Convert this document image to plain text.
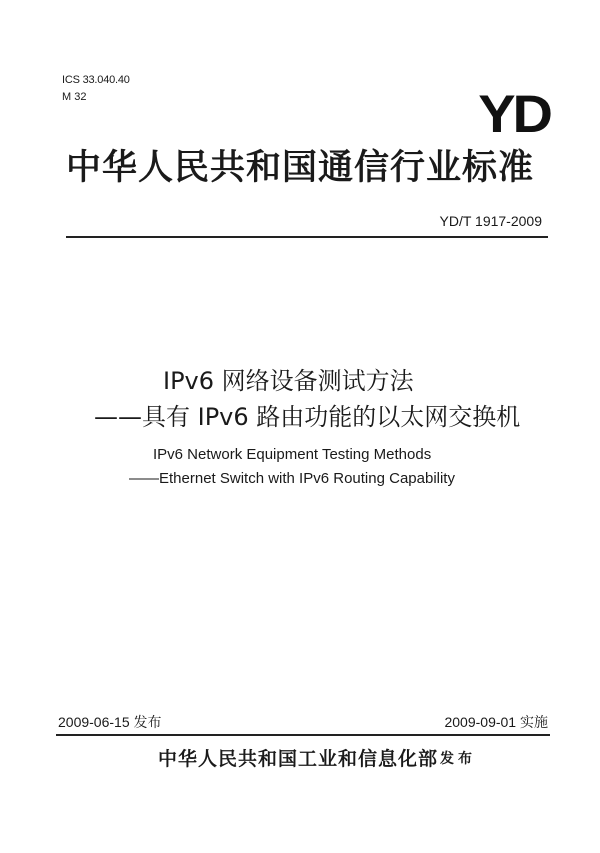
ICS 33.040.40
M 32	YD
中华人民共和国通信行业标准
YD/T 1917-2009
IPv6 网络设备测试方法
——具有 IPv6 路由功能的以太网交换机
IPv6 Network Equipment Testing Methods
——Ethernet Switch with IPv6 Routing Capability
2009-06-15 发布	2009-09-01 实施
中华人民共和国工业和信息化部 发布
